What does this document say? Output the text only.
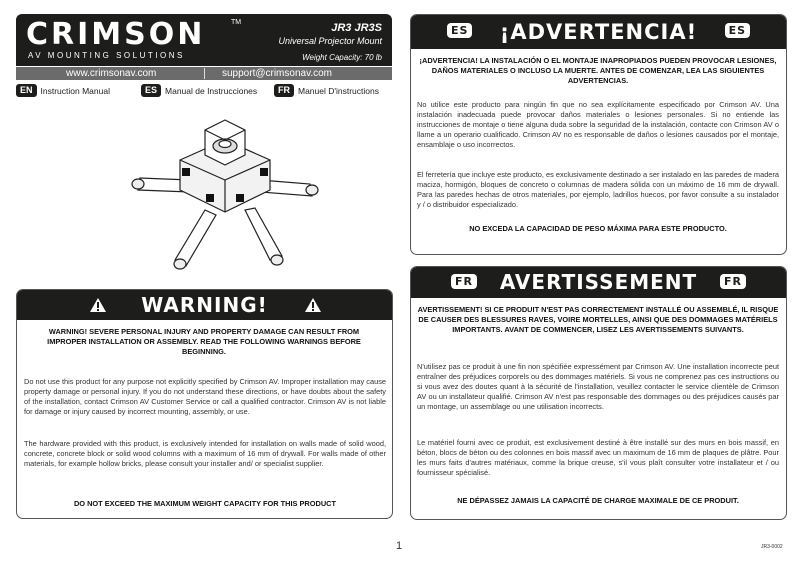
CRIMSON	TM
AV MOUNTING SOLUTIONS
JR3 JR3S
Universal Projector Mount
Weight Capacity: 70 lb
www.crimsonav.com	support@crimsonav.com
EN Instruction Manual	ES Manual de Instrucciones	FR Manuel D'instructions
WARNING!
WARNING! SEVERE PERSONAL INJURY AND PROPERTY DAMAGE CAN RESULT FROM IMPROPER INSTALLATION OR ASSEMBLY. READ THE FOLLOWING WARNINGS BEFORE BEGINNING.
Do not use this product for any purpose not explicitly specified by Crimson AV. Improper installation may cause property damage or personal injury. If you do not understand these directions, or have doubts about the safety of the installation, contact Crimson AV Customer Service or call a qualified contractor. Crimson AV is not liable for damage or injury caused by incorrect mounting, assembly, or use.
The hardware provided with this product, is exclusively intended for installation on walls made of solid wood, concrete, concrete block or solid wood columns with a maximum of 16 mm of drywall. For walls made of other materials, for example hollow bricks, please consult your installer and/ or specialist supplier.
DO NOT EXCEED THE MAXIMUM WEIGHT CAPACITY FOR THIS PRODUCT
ES ¡ADVERTENCIA!	ES
¡ADVERTENCIA! LA INSTALACIÓN O EL MONTAJE INAPROPIADOS PUEDEN PROVOCAR LESIONES, DAÑOS MATERIALES O INCLUSO LA MUERTE. ANTES DE COMENZAR, LEA LAS SIGUIENTES ADVERTENCIAS.
No utilice este producto para ningún fin que no sea explícitamente especificado por Crimson AV. Una instalación inadecuada puede provocar daños materiales o lesiones personales. Si no entiende las instrucciones de montaje o tiene alguna duda sobre la seguridad de la instalación, contacte con Crimson AV o llame a un operario cualificado. Crimson AV no es responsable de daños o lesiones causados por el montaje, ensamblaje o uso incorrectos.
El ferretería que incluye este producto, es exclusivamente destinado a ser instalado en las paredes de madera maciza, hormigón, bloques de concreto o columnas de madera sólida con un máximo de 16 mm de drywall. Para las paredes hechas de otros materiales, por ejemplo, ladrillos huecos, por favor consulte a su instalador y / o distribuidor especializado.
NO EXCEDA LA CAPACIDAD DE PESO MÁXIMA PARA ESTE PRODUCTO.
FR AVERTISSEMENT	FR
AVERTISSEMENT! SI CE PRODUIT N'EST PAS CORRECTEMENT INSTALLÉ OU ASSEMBLÉ, IL RISQUE DE CAUSER DES BLESSURES RAVES, VOIRE MORTELLES, AINSI QUE DES DOMMAGES MATÉRIELS IMPORTANTS. AVANT DE COMMENCER, LISEZ LES AVERTISSEMENTS SUIVANTS.
N'utilisez pas ce produit à une fin non spécifiée expressément par Crimson AV. Une installation incorrecte peut entraîner des préjudices corporels ou des dommages matériels. Si vous ne comprenez pas ces instructions ou si vous avez des doutes quant à la sécurité de l'installation, veuillez contacter le service clientèle de Crimson AV ou un installateur qualifié. Crimson AV n'est pas responsable des dommages ou des préjudices causés par un montage, un assemblage ou une utilisation incorrects.
Le matériel fourni avec ce produit, est exclusivement destiné à être installé sur des murs en bois massif, en béton, blocs de béton ou des colonnes en bois massif avec un maximum de 16 mm de plaques de plâtre. Pour les murs faits d'autres matériaux, comme la brique creuse, s'il vous plaît consulter votre installateur et / ou fournisseur spécialisé.
NE DÉPASSEZ JAMAIS LA CAPACITÉ DE CHARGE MAXIMALE DE CE PRODUIT.
1	JR3-0002
